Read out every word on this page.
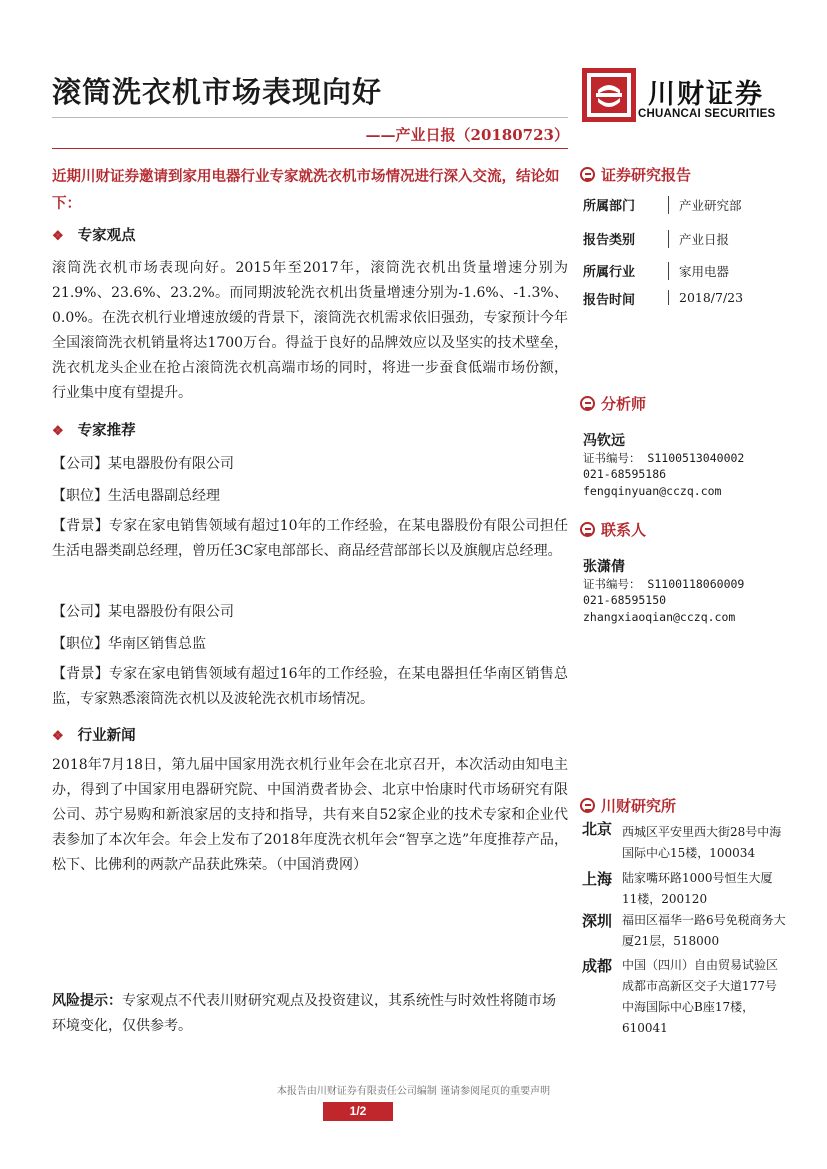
滚筒洗衣机市场表现向好	川财证券
CHUANCAI SECURITIES
——产业日报（20180723）
近期川财证券邀请到家用电器行业专家就洗衣机市场情况进行深入交流，结论如下：
❖ 专家观点
滚筒洗衣机市场表现向好。2015年至2017年，滚筒洗衣机出货量增速分别为21.9%、23.6%、23.2%。而同期波轮洗衣机出货量增速分别为-1.6%、-1.3%、0.0%。在洗衣机行业增速放缓的背景下，滚筒洗衣机需求依旧强劲，专家预计今年全国滚筒洗衣机销量将达1700万台。得益于良好的品牌效应以及坚实的技术壁垒，洗衣机龙头企业在抢占滚筒洗衣机高端市场的同时，将进一步蚕食低端市场份额，行业集中度有望提升。
❖ 专家推荐
【公司】某电器股份有限公司
【职位】生活电器副总经理
【背景】专家在家电销售领域有超过10年的工作经验，在某电器股份有限公司担任生活电器类副总经理，曾历任3C家电部部长、商品经营部部长以及旗舰店总经理。
【公司】某电器股份有限公司
【职位】华南区销售总监
【背景】专家在家电销售领域有超过16年的工作经验，在某电器担任华南区销售总监，专家熟悉滚筒洗衣机以及波轮洗衣机市场情况。
❖ 行业新闻
2018年7月18日，第九届中国家用洗衣机行业年会在北京召开，本次活动由知电主办，得到了中国家用电器研究院、中国消费者协会、北京中怡康时代市场研究有限公司、苏宁易购和新浪家居的支持和指导，共有来自52家企业的技术专家和企业代表参加了本次年会。年会上发布了2018年度洗衣机年会“智享之选”年度推荐产品，松下、比佛利的两款产品获此殊荣。（中国消费网）
风险提示：专家观点不代表川财研究观点及投资建议，其系统性与时效性将随市场环境变化，仅供参考。
证券研究报告
所属部门	产业研究部
报告类别	产业日报
所属行业	家用电器
报告时间	2018/7/23
分析师
冯钦远
证书编号： S1100513040002
021-68595186
fengqinyuan@cczq.com
联系人
张潇倩
证书编号： S1100118060009
021-68595150
zhangxiaoqian@cczq.com
川财研究所
北京 西城区平安里西大街28号中海国际中心15楼，100034
上海 陆家嘴环路1000号恒生大厦11楼，200120
深圳 福田区福华一路6号免税商务大厦21层，518000
成都 中国（四川）自由贸易试验区成都市高新区交子大道177号中海国际中心B座17楼，610041
本报告由川财证券有限责任公司编制 谨请参阅尾页的重要声明
1/2
